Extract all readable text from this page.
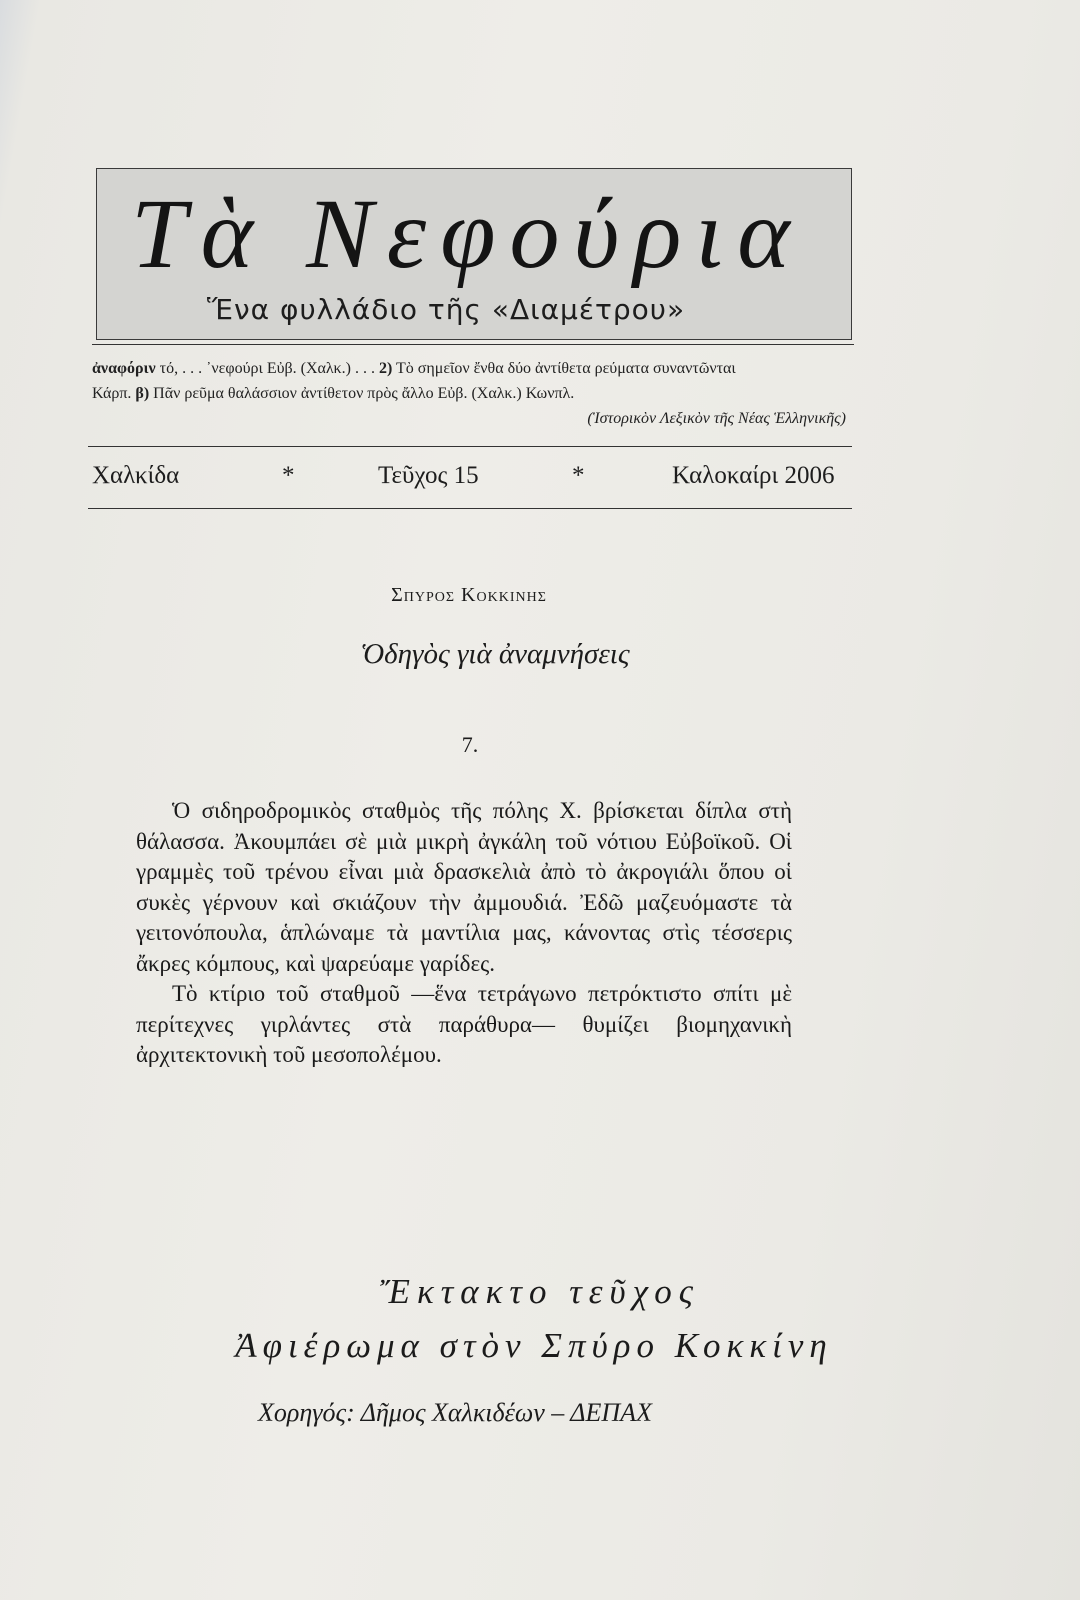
Τὰ Νεφούρια
Ἕνα φυλλάδιο τῆς «Διαμέτρου»
ἀναφόριν τό, . . . ᾿νεφούρι Εὐβ. (Χαλκ.) . . . 2) Τὸ σημεῖον ἔνθα δύο ἀντίθετα ρεύματα συναντῶνται
Κάρπ. β) Πᾶν ρεῦμα θαλάσσιον ἀντίθετον πρὸς ἄλλο Εὐβ. (Χαλκ.) Κωνπλ.
(Ἱστορικὸν Λεξικὸν τῆς Νέας Ἑλληνικῆς)
Χαλκίδα	*	Τεῦχος 15	*	Καλοκαίρι 2006
Σπυρος Κοκκινης
Ὁδηγὸς γιὰ ἀναμνήσεις
7.

Ὁ σιδηροδρομικὸς σταθμὸς τῆς πόλης Χ. βρίσκεται δίπλα στὴ θάλασσα. Ἀκουμπάει σὲ μιὰ μικρὴ ἀγκάλη τοῦ νότιου Εὐβοϊκοῦ. Οἱ γραμμὲς τοῦ τρένου εἶναι μιὰ δρασκελιὰ ἀπὸ τὸ ἀκρογιάλι ὅπου οἱ συκὲς γέρνουν καὶ σκιάζουν τὴν ἀμμουδιά. Ἐδῶ μαζευόμαστε τὰ γειτονόπουλα, ἁπλώναμε τὰ μαντίλια μας, κάνοντας στὶς τέσσερις ἄκρες κόμπους, καὶ ψαρεύαμε γαρίδες.

Τὸ κτίριο τοῦ σταθμοῦ —ἕνα τετράγωνο πετρόκτιστο σπίτι μὲ περίτεχνες γιρλάντες στὰ παράθυρα— θυμίζει βιομηχανικὴ ἀρχιτεκτονικὴ τοῦ μεσοπολέμου.

Ἔκτακτο τεῦχος
Ἀφιέρωμα στὸν Σπύρο Κοκκίνη
Χορηγός: Δῆμος Χαλκιδέων – ΔΕΠΑΧ
